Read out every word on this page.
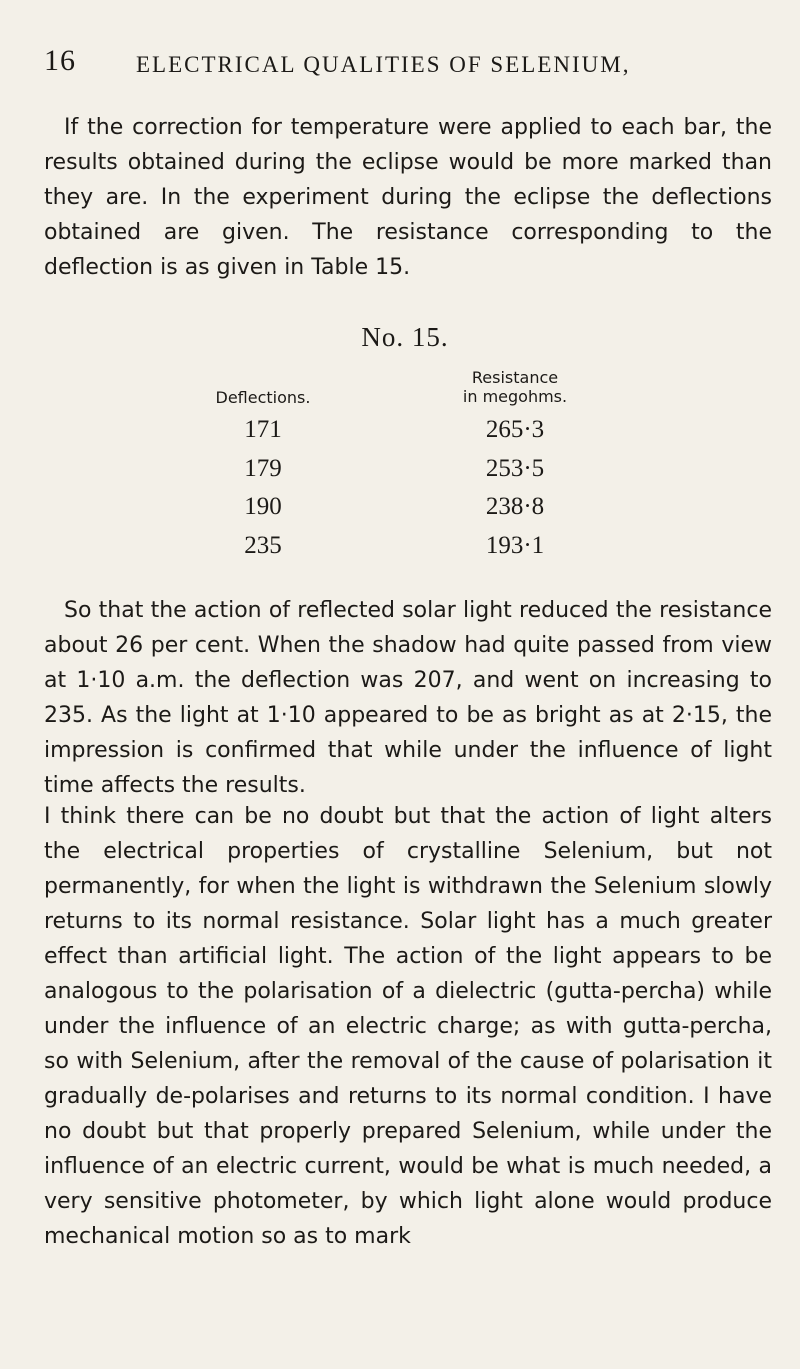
16	ELECTRICAL QUALITIES OF SELENIUM,

If the correction for temperature were applied to each bar, the results obtained during the eclipse would be more marked than they are. In the experiment during the eclipse the deflections obtained are given. The resistance corresponding to the deflection is as given in Table 15.

No. 15.
Deflections.
Resistance
in megohms.
171	265·3
179	253·5
190	238·8
235	193·1

So that the action of reflected solar light reduced the resistance about 26 per cent. When the shadow had quite passed from view at 1·10 a.m. the deflection was 207, and went on increasing to 235. As the light at 1·10 appeared to be as bright as at 2·15, the impression is confirmed that while under the influence of light time affects the results.

I think there can be no doubt but that the action of light alters the electrical properties of crystalline Selenium, but not permanently, for when the light is withdrawn the Selenium slowly returns to its normal resistance. Solar light has a much greater effect than artificial light. The action of the light appears to be analogous to the polarisation of a dielectric (gutta-percha) while under the influence of an electric charge; as with gutta-percha, so with Selenium, after the removal of the cause of polarisation it gradually de-polarises and returns to its normal condition. I have no doubt but that properly prepared Selenium, while under the influence of an electric current, would be what is much needed, a very sensitive photometer, by which light alone would produce mechanical motion so as to mark
